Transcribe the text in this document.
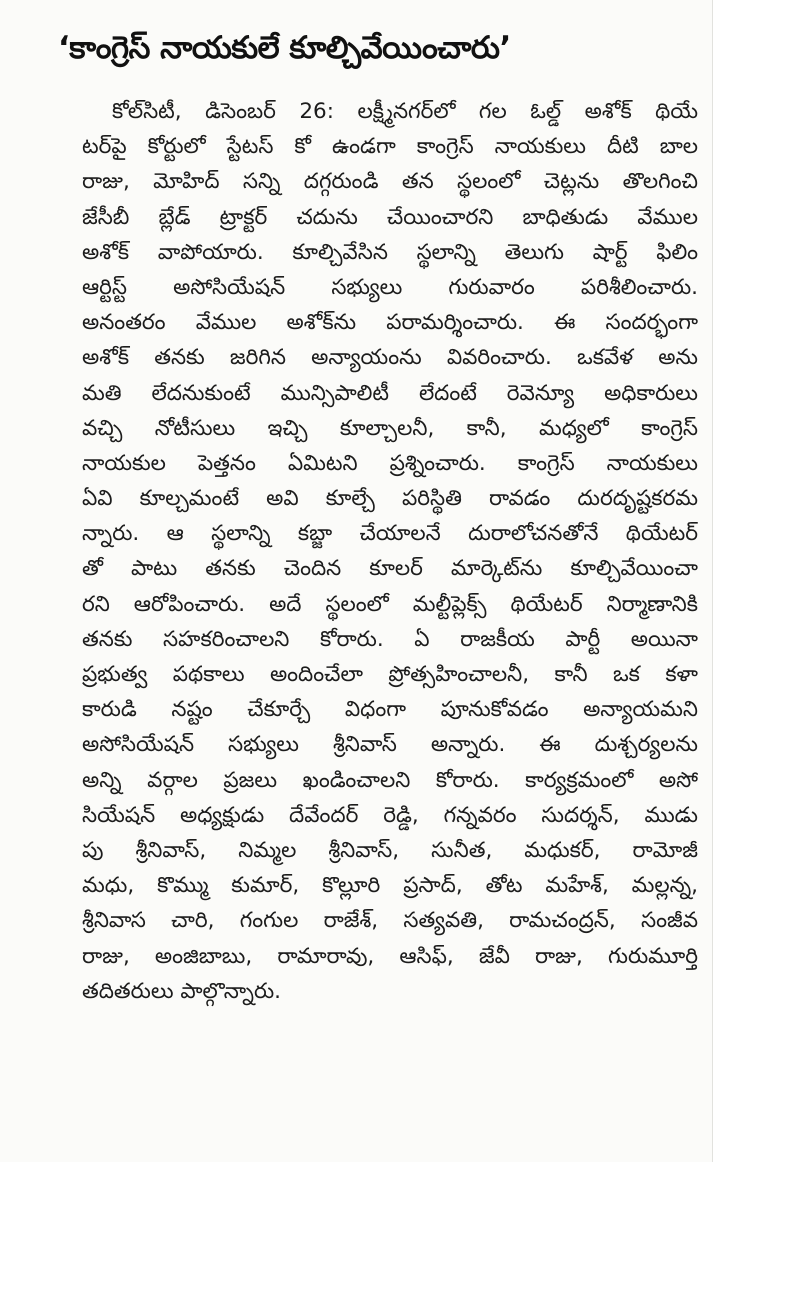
‘కాంగ్రెస్ నాయకులే కూల్చివేయించారు’
కోల్‌సిటీ, డిసెంబర్ 26: లక్ష్మీనగర్‌లో గల ఓల్డ్ అశోక్ థియే
టర్‌పై కోర్టులో స్టేటస్ కో ఉండగా కాంగ్రెస్ నాయకులు దీటి బాల
రాజు, మోహిద్ సన్ని దగ్గరుండి తన స్థలంలో చెట్లను తొలగించి
జేసీబీ బ్లేడ్ ట్రాక్టర్ చదును చేయించారని బాధితుడు వేముల
అశోక్ వాపోయారు. కూల్చివేసిన స్థలాన్ని తెలుగు షార్ట్ ఫిలిం
ఆర్టిస్ట్ అసోసియేషన్ సభ్యులు గురువారం పరిశీలించారు.
అనంతరం వేముల అశోక్‌ను పరామర్శించారు. ఈ సందర్భంగా
అశోక్ తనకు జరిగిన అన్యాయంను వివరించారు. ఒకవేళ అను
మతి లేదనుకుంటే మున్సిపాలిటీ లేదంటే రెవెన్యూ అధికారులు
వచ్చి నోటీసులు ఇచ్చి కూల్చాలనీ, కానీ, మధ్యలో కాంగ్రెస్
నాయకుల పెత్తనం ఏమిటని ప్రశ్నించారు. కాంగ్రెస్ నాయకులు
ఏవి కూల్చమంటే అవి కూల్చే పరిస్థితి రావడం దురదృష్టకరమ
న్నారు. ఆ స్థలాన్ని కబ్జా చేయాలనే దురాలోచనతోనే థియేటర్
తో పాటు తనకు చెందిన కూలర్ మార్కెట్‌ను కూల్చివేయించా
రని ఆరోపించారు. అదే స్థలంలో మల్టీప్లెక్స్ థియేటర్ నిర్మాణానికి
తనకు సహకరించాలని కోరారు. ఏ రాజకీయ పార్టీ అయినా
ప్రభుత్వ పథకాలు అందించేలా ప్రోత్సహించాలనీ, కానీ ఒక కళా
కారుడి నష్టం చేకూర్చే విధంగా పూనుకోవడం అన్యాయమని
అసోసియేషన్ సభ్యులు శ్రీనివాస్ అన్నారు. ఈ దుశ్చర్యలను
అన్ని వర్గాల ప్రజలు ఖండించాలని కోరారు. కార్యక్రమంలో అసో
సియేషన్ అధ్యక్షుడు దేవేందర్ రెడ్డి, గన్నవరం సుదర్శన్, ముడు
పు శ్రీనివాస్, నిమ్మల శ్రీనివాస్, సునీత, మధుకర్, రామోజీ
మధు, కొమ్ము కుమార్, కొల్లూరి ప్రసాద్, తోట మహేశ్, మల్లన్న,
శ్రీనివాస చారి, గంగుల రాజేశ్, సత్యవతి, రామచంద్రన్, సంజీవ
రాజు, అంజిబాబు, రామారావు, ఆసిఫ్, జేవీ రాజు, గురుమూర్తి
తదితరులు పాల్గొన్నారు.
